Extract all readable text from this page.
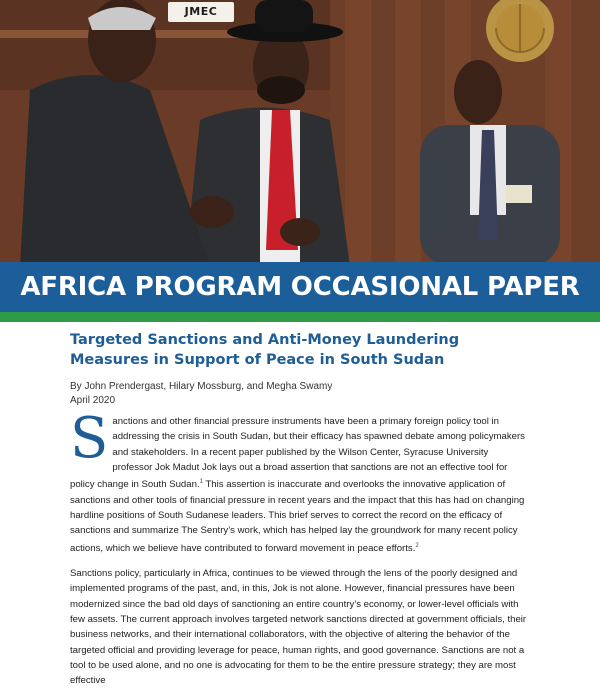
JMEC
AFRICA PROGRAM OCCASIONAL PAPER
Targeted Sanctions and Anti-Money Laundering Measures in Support of Peace in South Sudan

By John Prendergast, Hilary Mossburg, and Megha Swamy

April 2020

Sanctions and other financial pressure instruments have been a primary foreign policy tool in addressing the crisis in South Sudan, but their efficacy has spawned debate among policymakers and stakeholders. In a recent paper published by the Wilson Center, Syracuse University professor Jok Madut Jok lays out a broad assertion that sanctions are not an effective tool for policy change in South Sudan.$^1$ This assertion is inaccurate and overlooks the innovative application of sanctions and other tools of financial pressure in recent years and the impact that this has had on changing hardline positions of South Sudanese leaders. This brief serves to correct the record on the efficacy of sanctions and summarize The Sentry’s work, which has helped lay the groundwork for many recent policy actions, which we believe have contributed to forward movement in peace efforts.$^2$

Sanctions policy, particularly in Africa, continues to be viewed through the lens of the poorly designed and implemented programs of the past, and, in this, Jok is not alone. However, financial pressures have been modernized since the bad old days of sanctioning an entire country’s economy, or lower-level officials with few assets. The current approach involves targeted network sanctions directed at government officials, their business networks, and their international collaborators, with the objective of altering the behavior of the targeted official and providing leverage for peace, human rights, and good governance. Sanctions are not a tool to be used alone, and no one is advocating for them to be the entire pressure strategy; they are most effective
